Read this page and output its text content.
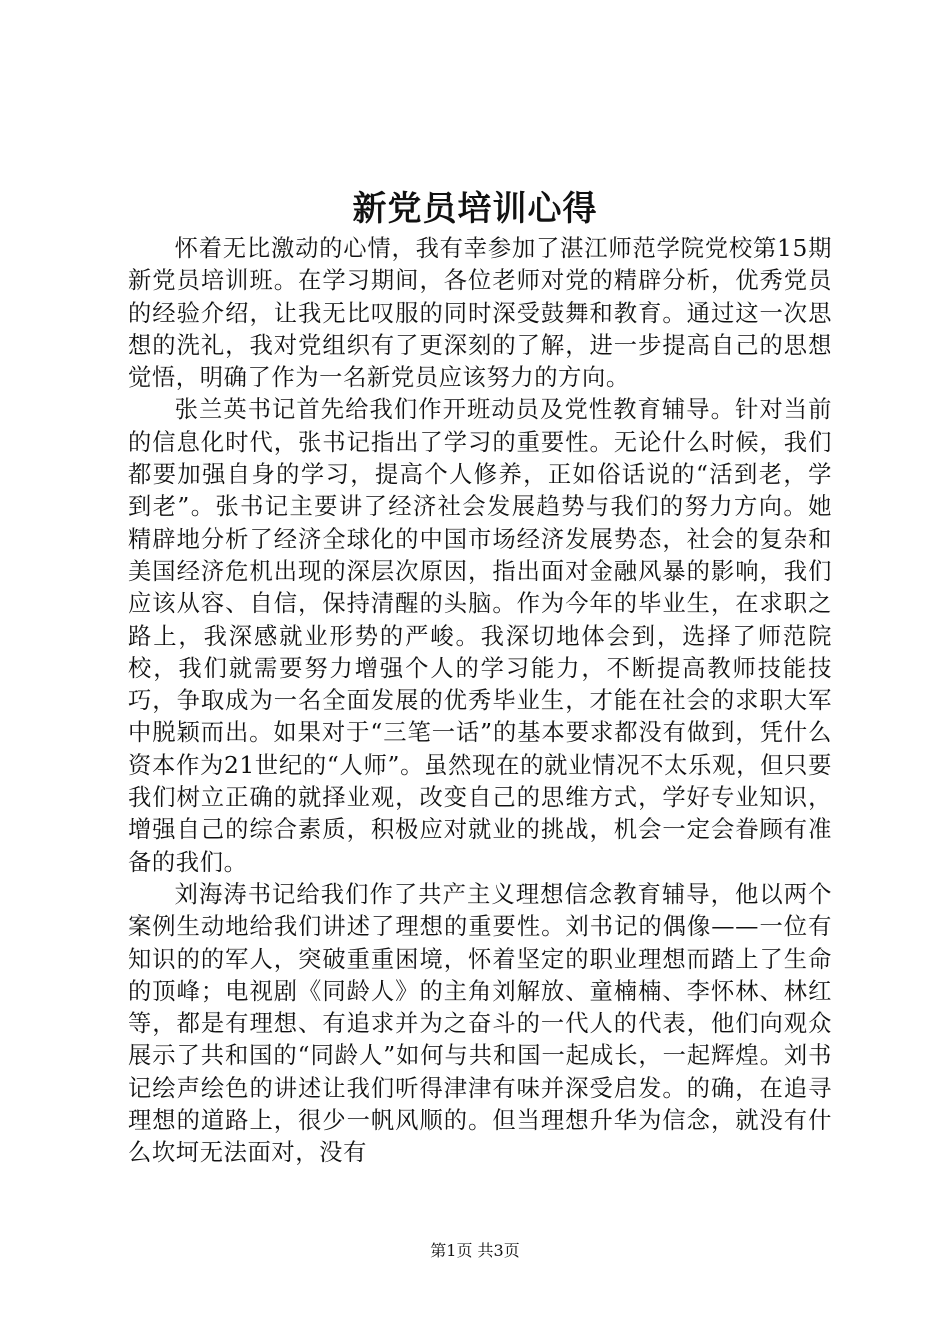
新党员培训心得

怀着无比激动的心情，我有幸参加了湛江师范学院党校第15期新党员培训班。在学习期间，各位老师对党的精辟分析，优秀党员的经验介绍，让我无比叹服的同时深受鼓舞和教育。通过这一次思想的洗礼，我对党组织有了更深刻的了解，进一步提高自己的思想觉悟，明确了作为一名新党员应该努力的方向。

张兰英书记首先给我们作开班动员及党性教育辅导。针对当前的信息化时代，张书记指出了学习的重要性。无论什么时候，我们都要加强自身的学习，提高个人修养，正如俗话说的“活到老，学到老”。张书记主要讲了经济社会发展趋势与我们的努力方向。她精辟地分析了经济全球化的中国市场经济发展势态，社会的复杂和美国经济危机出现的深层次原因，指出面对金融风暴的影响，我们应该从容、自信，保持清醒的头脑。作为今年的毕业生，在求职之路上，我深感就业形势的严峻。我深切地体会到，选择了师范院校，我们就需要努力增强个人的学习能力，不断提高教师技能技巧，争取成为一名全面发展的优秀毕业生，才能在社会的求职大军中脱颖而出。如果对于“三笔一话”的基本要求都没有做到，凭什么资本作为21世纪的“人师”。虽然现在的就业情况不太乐观，但只要我们树立正确的就择业观，改变自己的思维方式，学好专业知识，增强自己的综合素质，积极应对就业的挑战，机会一定会眷顾有准备的我们。

刘海涛书记给我们作了共产主义理想信念教育辅导，他以两个案例生动地给我们讲述了理想的重要性。刘书记的偶像——一位有知识的的军人，突破重重困境，怀着坚定的职业理想而踏上了生命的顶峰；电视剧《同龄人》的主角刘解放、童楠楠、李怀林、林红等，都是有理想、有追求并为之奋斗的一代人的代表，他们向观众展示了共和国的“同龄人”如何与共和国一起成长，一起辉煌。刘书记绘声绘色的讲述让我们听得津津有味并深受启发。的确，在追寻理想的道路上，很少一帆风顺的。但当理想升华为信念，就没有什么坎坷无法面对，没有

第1页 共3页
